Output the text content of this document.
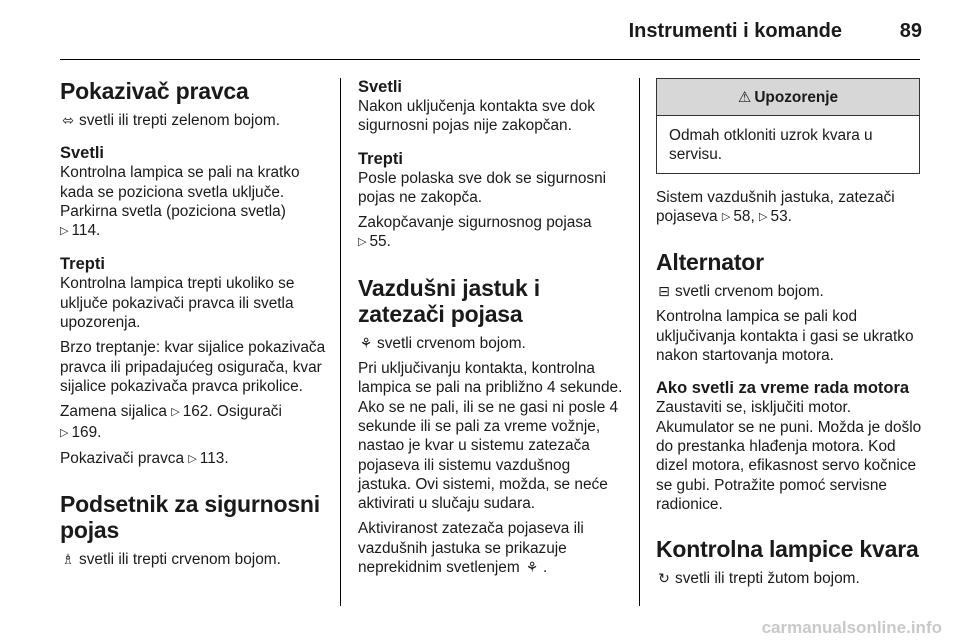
Instrumenti i komande	89
Pokazivač pravca

⬄ svetli ili trepti zelenom bojom.

Svetli

Kontrolna lampica se pali na kratko kada se poziciona svetla uključe. Parkirna svetla (poziciona svetla)
▷ 114.

Trepti

Kontrolna lampica trepti ukoliko se uključe pokazivači pravca ili svetla upozorenja.

Brzo treptanje: kvar sijalice pokazivača pravca ili pripadajućeg osigurača, kvar sijalice pokazivača pravca prikolice.

Zamena sijalica ▷ 162. Osigurači
▷ 169.

Pokazivači pravca ▷ 113.

Podsetnik za sigurnosni pojas

♗ svetli ili trepti crvenom bojom.

Svetli

Nakon uključenja kontakta sve dok sigurnosni pojas nije zakopčan.

Trepti

Posle polaska sve dok se sigurnosni pojas ne zakopča.

Zakopčavanje sigurnosnog pojasa
▷ 55.

Vazdušni jastuk i zatezači pojasa

⚘ svetli crvenom bojom.

Pri uključivanju kontakta, kontrolna lampica se pali na približno 4 sekunde. Ako se ne pali, ili se ne gasi ni posle 4 sekunde ili se pali za vreme vožnje, nastao je kvar u sistemu zatezača pojaseva ili sistemu vazdušnog jastuka. Ovi sistemi, možda, se neće aktivirati u slučaju sudara.

Aktiviranost zatezača pojaseva ili vazdušnih jastuka se prikazuje neprekidnim svetlenjem ⚘ .

⚠ Upozorenje
Odmah otkloniti uzrok kvara u servisu.

Sistem vazdušnih jastuka, zatezači pojaseva ▷ 58, ▷ 53.

Alternator

⊟ svetli crvenom bojom.

Kontrolna lampica se pali kod uključivanja kontakta i gasi se ukratko nakon startovanja motora.

Ako svetli za vreme rada motora

Zaustaviti se, isključiti motor. Akumulator se ne puni. Možda je došlo do prestanka hlađenja motora. Kod dizel motora, efikasnost servo kočnice se gubi. Potražite pomoć servisne radionice.

Kontrolna lampice kvara

↻ svetli ili trepti žutom bojom.

carmanualsonline.info
